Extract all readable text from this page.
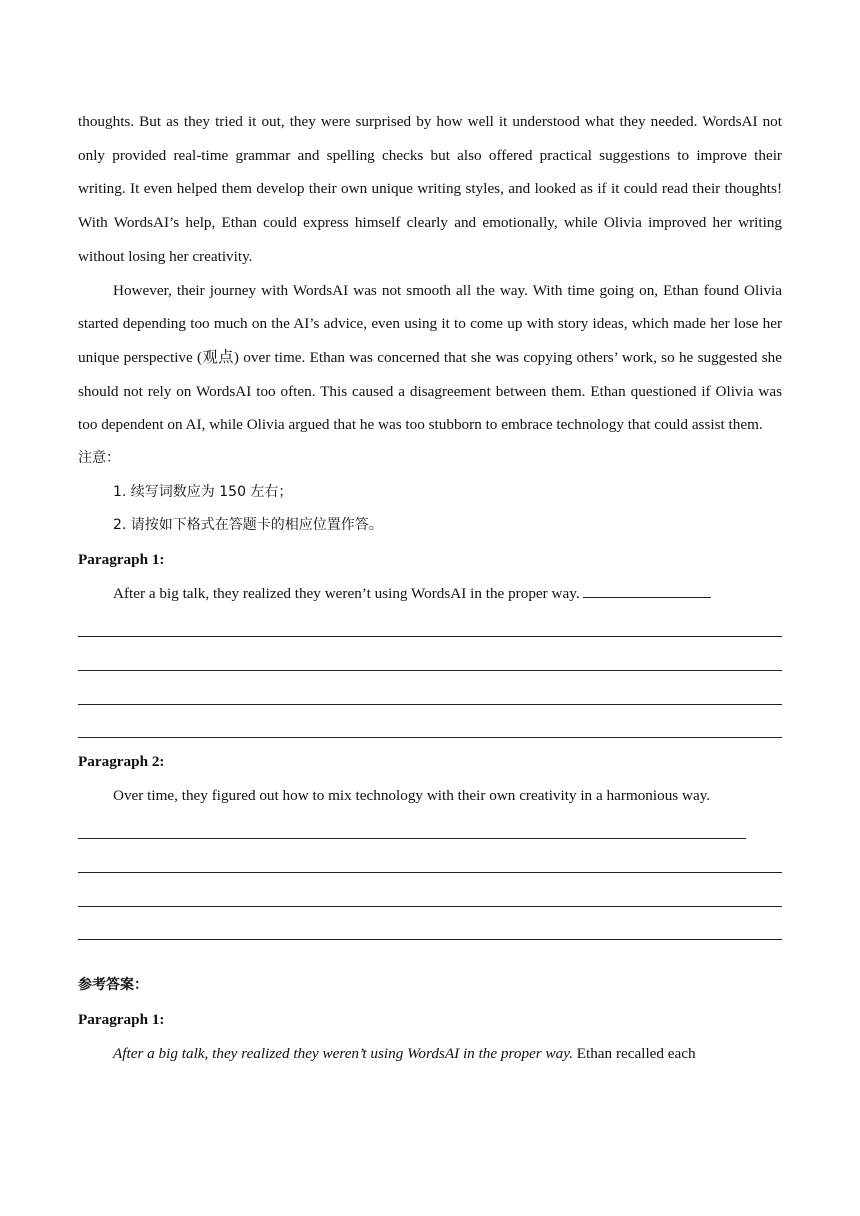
thoughts. But as they tried it out, they were surprised by how well it understood what they needed. WordsAI not only provided real-time grammar and spelling checks but also offered practical suggestions to improve their writing. It even helped them develop their own unique writing styles, and looked as if it could read their thoughts! With WordsAI’s help, Ethan could express himself clearly and emotionally, while Olivia improved her writing without losing her creativity.

However, their journey with WordsAI was not smooth all the way. With time going on, Ethan found Olivia started depending too much on the AI’s advice, even using it to come up with story ideas, which made her lose her unique perspective (观点) over time. Ethan was concerned that she was copying others’ work, so he suggested she should not rely on WordsAI too often. This caused a disagreement between them. Ethan questioned if Olivia was too dependent on AI, while Olivia argued that he was too stubborn to embrace technology that could assist them.

注意：
1. 续写词数应为 150 左右；
2. 请按如下格式在答题卡的相应位置作答。
Paragraph 1:
After a big talk, they realized they weren’t using WordsAI in the proper way.
Paragraph 2:
Over time, they figured out how to mix technology with their own creativity in a harmonious way.
参考答案：
Paragraph 1:
After a big talk, they realized they weren’t using WordsAI in the proper way. Ethan recalled each
